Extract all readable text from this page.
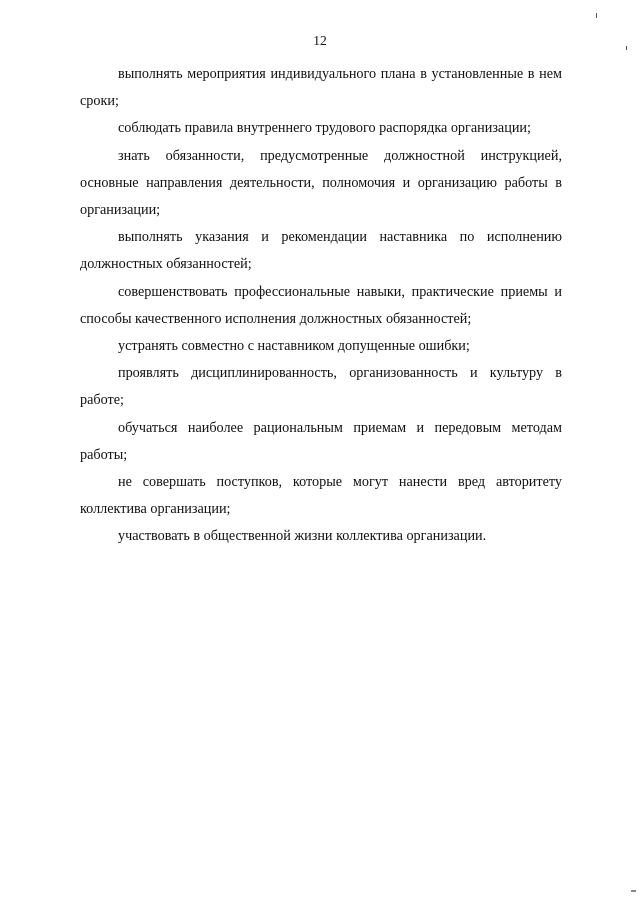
12

выполнять мероприятия индивидуального плана в установленные в нем сроки;

соблюдать правила внутреннего трудового распорядка организации;

знать обязанности, предусмотренные должностной инструкцией, основные направления деятельности, полномочия и организацию работы в организации;

выполнять указания и рекомендации наставника по исполнению должностных обязанностей;

совершенствовать профессиональные навыки, практические приемы и способы качественного исполнения должностных обязанностей;

устранять совместно с наставником допущенные ошибки;

проявлять дисциплинированность, организованность и культуру в работе;

обучаться наиболее рациональным приемам и передовым методам работы;

не совершать поступков, которые могут нанести вред авторитету коллектива организации;

участвовать в общественной жизни коллектива организации.
